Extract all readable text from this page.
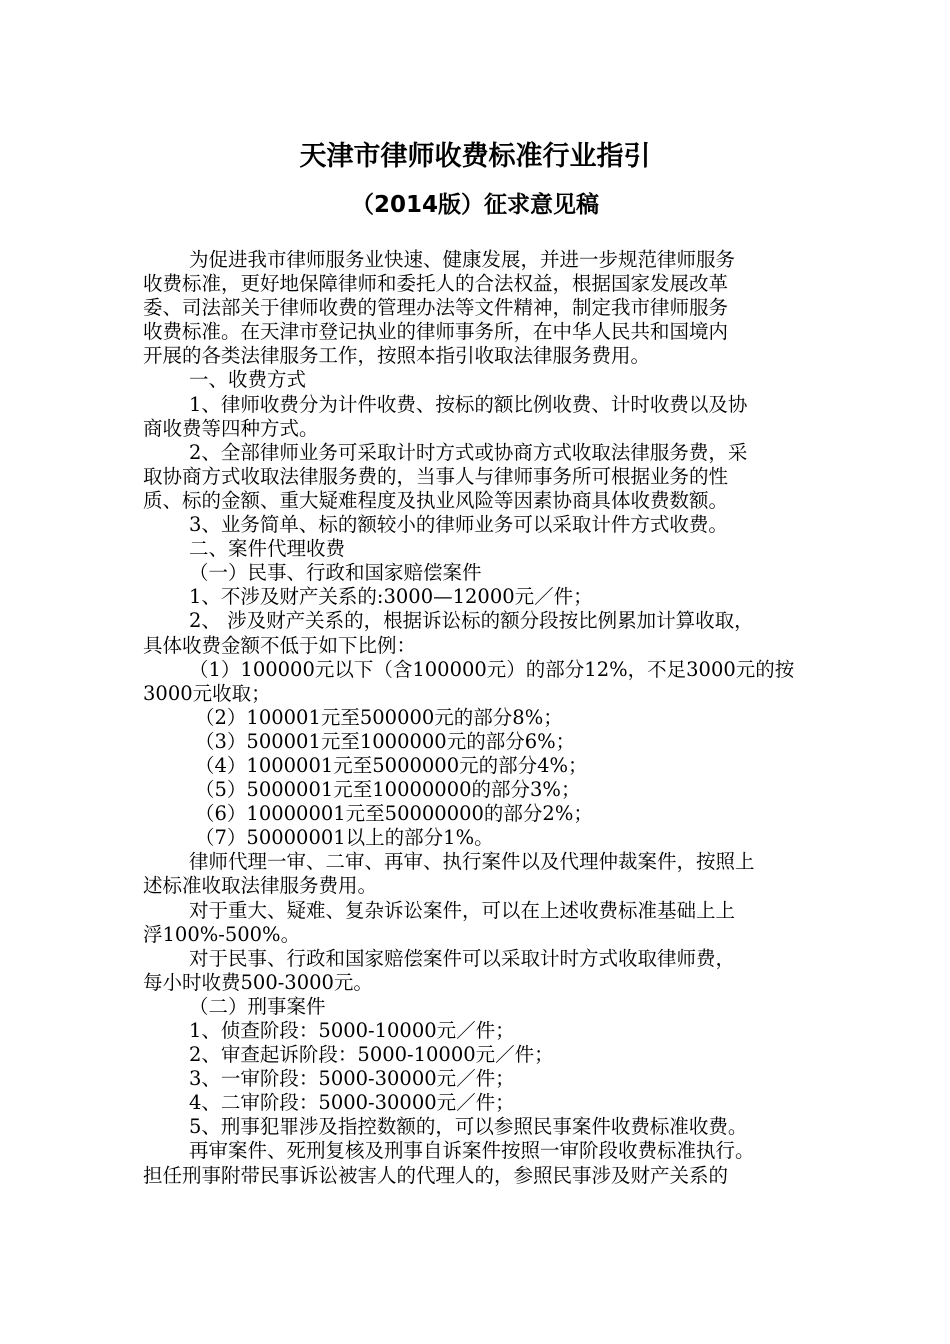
天津市律师收费标准行业指引
（2014版）征求意见稿
为促进我市律师服务业快速、健康发展，并进一步规范律师服务
收费标准，更好地保障律师和委托人的合法权益，根据国家发展改革
委、司法部关于律师收费的管理办法等文件精神，制定我市律师服务
收费标准。在天津市登记执业的律师事务所，在中华人民共和国境内
开展的各类法律服务工作，按照本指引收取法律服务费用。
一、收费方式
1、律师收费分为计件收费、按标的额比例收费、计时收费以及协
商收费等四种方式。
2、全部律师业务可采取计时方式或协商方式收取法律服务费，采
取协商方式收取法律服务费的，当事人与律师事务所可根据业务的性
质、标的金额、重大疑难程度及执业风险等因素协商具体收费数额。
3、业务简单、标的额较小的律师业务可以采取计件方式收费。
二、案件代理收费
（一）民事、行政和国家赔偿案件
1、不涉及财产关系的:3000—12000元／件；
2、 涉及财产关系的，根据诉讼标的额分段按比例累加计算收取，
具体收费金额不低于如下比例：
（1）100000元以下（含100000元）的部分12%，不足3000元的按
3000元收取；
（2）100001元至500000元的部分8%；
（3）500001元至1000000元的部分6%；
（4）1000001元至5000000元的部分4%；
（5）5000001元至10000000的部分3%；
（6）10000001元至50000000的部分2%；
（7）50000001以上的部分1%。
律师代理一审、二审、再审、执行案件以及代理仲裁案件，按照上
述标准收取法律服务费用。
对于重大、疑难、复杂诉讼案件，可以在上述收费标准基础上上
浮100%-500%。
对于民事、行政和国家赔偿案件可以采取计时方式收取律师费，
每小时收费500-3000元。
（二）刑事案件
1、侦查阶段：5000-10000元／件；
2、审查起诉阶段：5000-10000元／件；
3、一审阶段：5000-30000元／件；
4、二审阶段：5000-30000元／件；
5、刑事犯罪涉及指控数额的，可以参照民事案件收费标准收费。
再审案件、死刑复核及刑事自诉案件按照一审阶段收费标准执行。
担任刑事附带民事诉讼被害人的代理人的，参照民事涉及财产关系的
